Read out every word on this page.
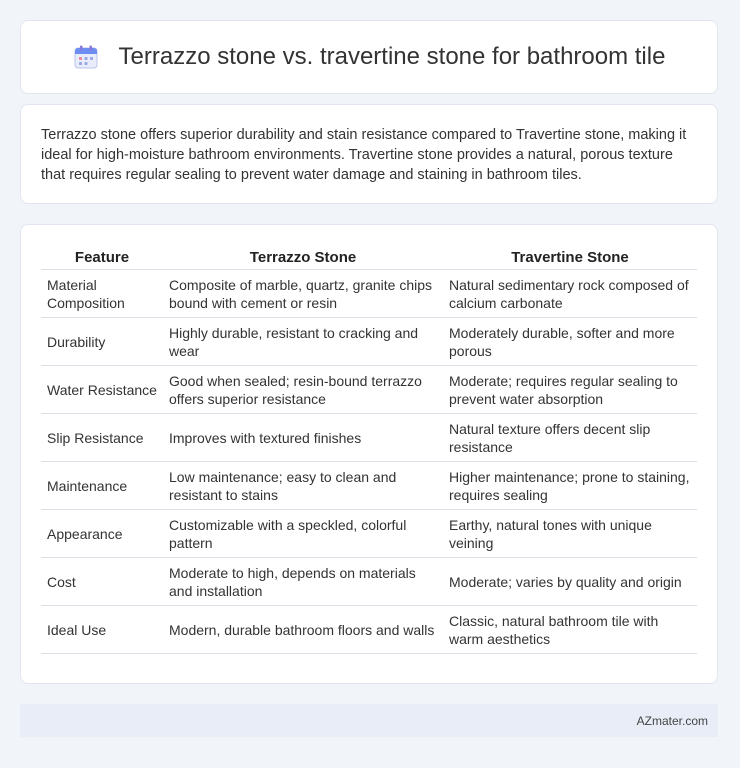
Terrazzo stone vs. travertine stone for bathroom tile

Terrazzo stone offers superior durability and stain resistance compared to Travertine stone, making it ideal for high-moisture bathroom environments. Travertine stone provides a natural, porous texture that requires regular sealing to prevent water damage and staining in bathroom tiles.

Feature	Terrazzo Stone	Travertine Stone
Material Composition	Composite of marble, quartz, granite chips bound with cement or resin	Natural sedimentary rock composed of calcium carbonate
Durability	Highly durable, resistant to cracking and wear	Moderately durable, softer and more porous
Water Resistance	Good when sealed; resin-bound terrazzo offers superior resistance	Moderate; requires regular sealing to prevent water absorption
Slip Resistance	Improves with textured finishes	Natural texture offers decent slip resistance
Maintenance	Low maintenance; easy to clean and resistant to stains	Higher maintenance; prone to staining, requires sealing
Appearance	Customizable with a speckled, colorful pattern	Earthy, natural tones with unique veining
Cost	Moderate to high, depends on materials and installation	Moderate; varies by quality and origin
Ideal Use	Modern, durable bathroom floors and walls	Classic, natural bathroom tile with warm aesthetics
AZmater.com
